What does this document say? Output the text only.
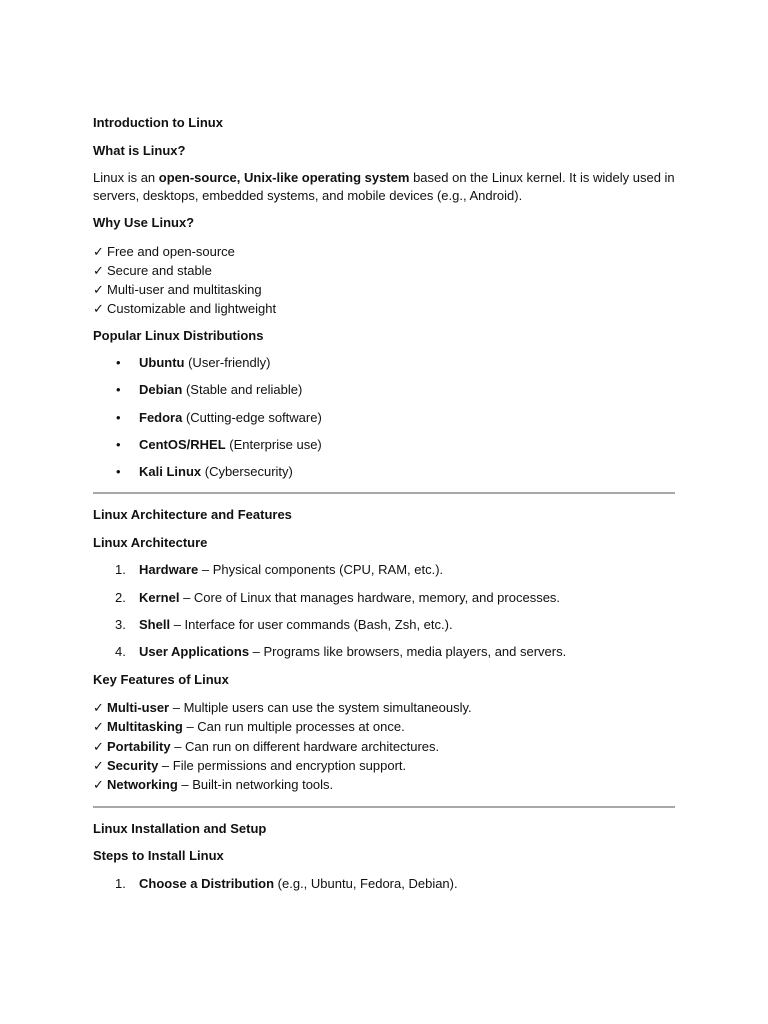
Introduction to Linux
What is Linux?
Linux is an open-source, Unix-like operating system based on the Linux kernel. It is widely used in servers, desktops, embedded systems, and mobile devices (e.g., Android).
Why Use Linux?
✓ Free and open-source
✓ Secure and stable
✓ Multi-user and multitasking
✓ Customizable and lightweight
Popular Linux Distributions
• Ubuntu (User-friendly)
• Debian (Stable and reliable)
• Fedora (Cutting-edge software)
• CentOS/RHEL (Enterprise use)
• Kali Linux (Cybersecurity)
Linux Architecture and Features
Linux Architecture
1. Hardware – Physical components (CPU, RAM, etc.).
2. Kernel – Core of Linux that manages hardware, memory, and processes.
3. Shell – Interface for user commands (Bash, Zsh, etc.).
4. User Applications – Programs like browsers, media players, and servers.
Key Features of Linux
✓ Multi-user – Multiple users can use the system simultaneously.
✓ Multitasking – Can run multiple processes at once.
✓ Portability – Can run on different hardware architectures.
✓ Security – File permissions and encryption support.
✓ Networking – Built-in networking tools.
Linux Installation and Setup
Steps to Install Linux
1. Choose a Distribution (e.g., Ubuntu, Fedora, Debian).
